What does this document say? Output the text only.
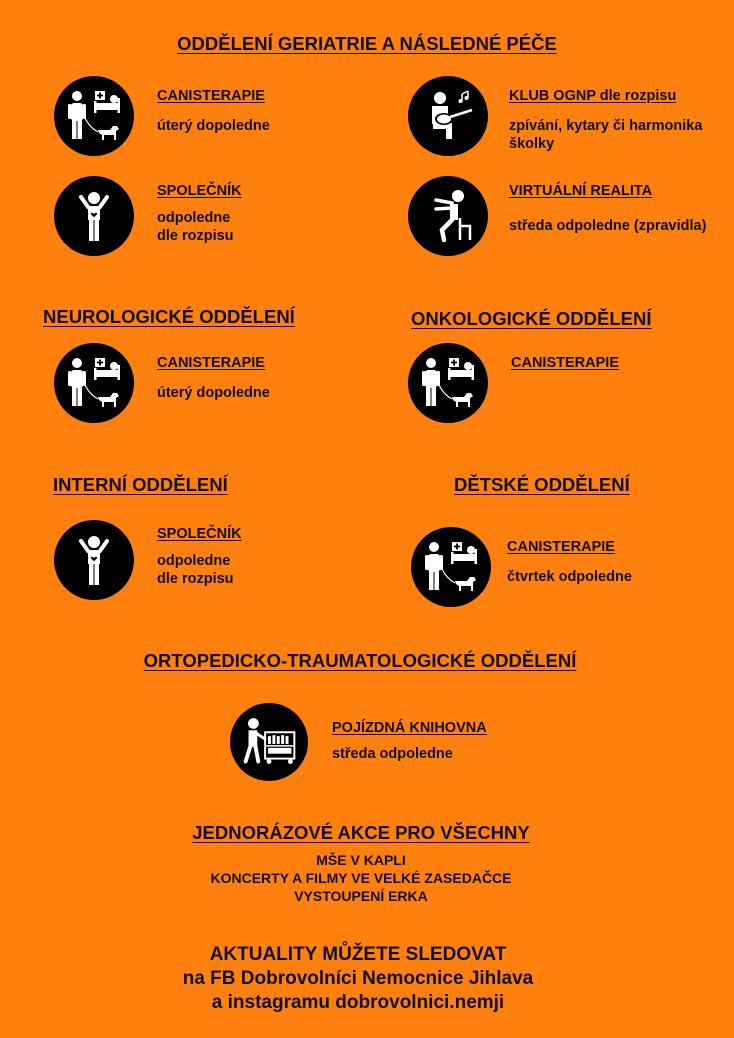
ODDĚLENÍ GERIATRIE A NÁSLEDNÉ PÉČE
CANISTERAPIE
úterý dopoledne
KLUB OGNP dle rozpisu
zpívání, kytary či harmonika
školky
SPOLEČNÍK
odpoledne
dle rozpisu
VIRTUÁLNÍ REALITA
středa odpoledne (zpravidla)
NEUROLOGICKÉ ODDĚLENÍ	ONKOLOGICKÉ ODDĚLENÍ
CANISTERAPIE
úterý dopoledne
CANISTERAPIE
INTERNÍ ODDĚLENÍ	DĚTSKÉ ODDĚLENÍ
SPOLEČNÍK
odpoledne
dle rozpisu
CANISTERAPIE
čtvrtek odpoledne
ORTOPEDICKO-TRAUMATOLOGICKÉ ODDĚLENÍ
POJÍZDNÁ KNIHOVNA
středa odpoledne
JEDNORÁZOVÉ AKCE PRO VŠECHNY
MŠE V KAPLI
KONCERTY A FILMY VE VELKÉ ZASEDAČCE
VYSTOUPENÍ ERKA
AKTUALITY MŮŽETE SLEDOVAT
na FB Dobrovolníci Nemocnice Jihlava
a instagramu dobrovolnici.nemji
